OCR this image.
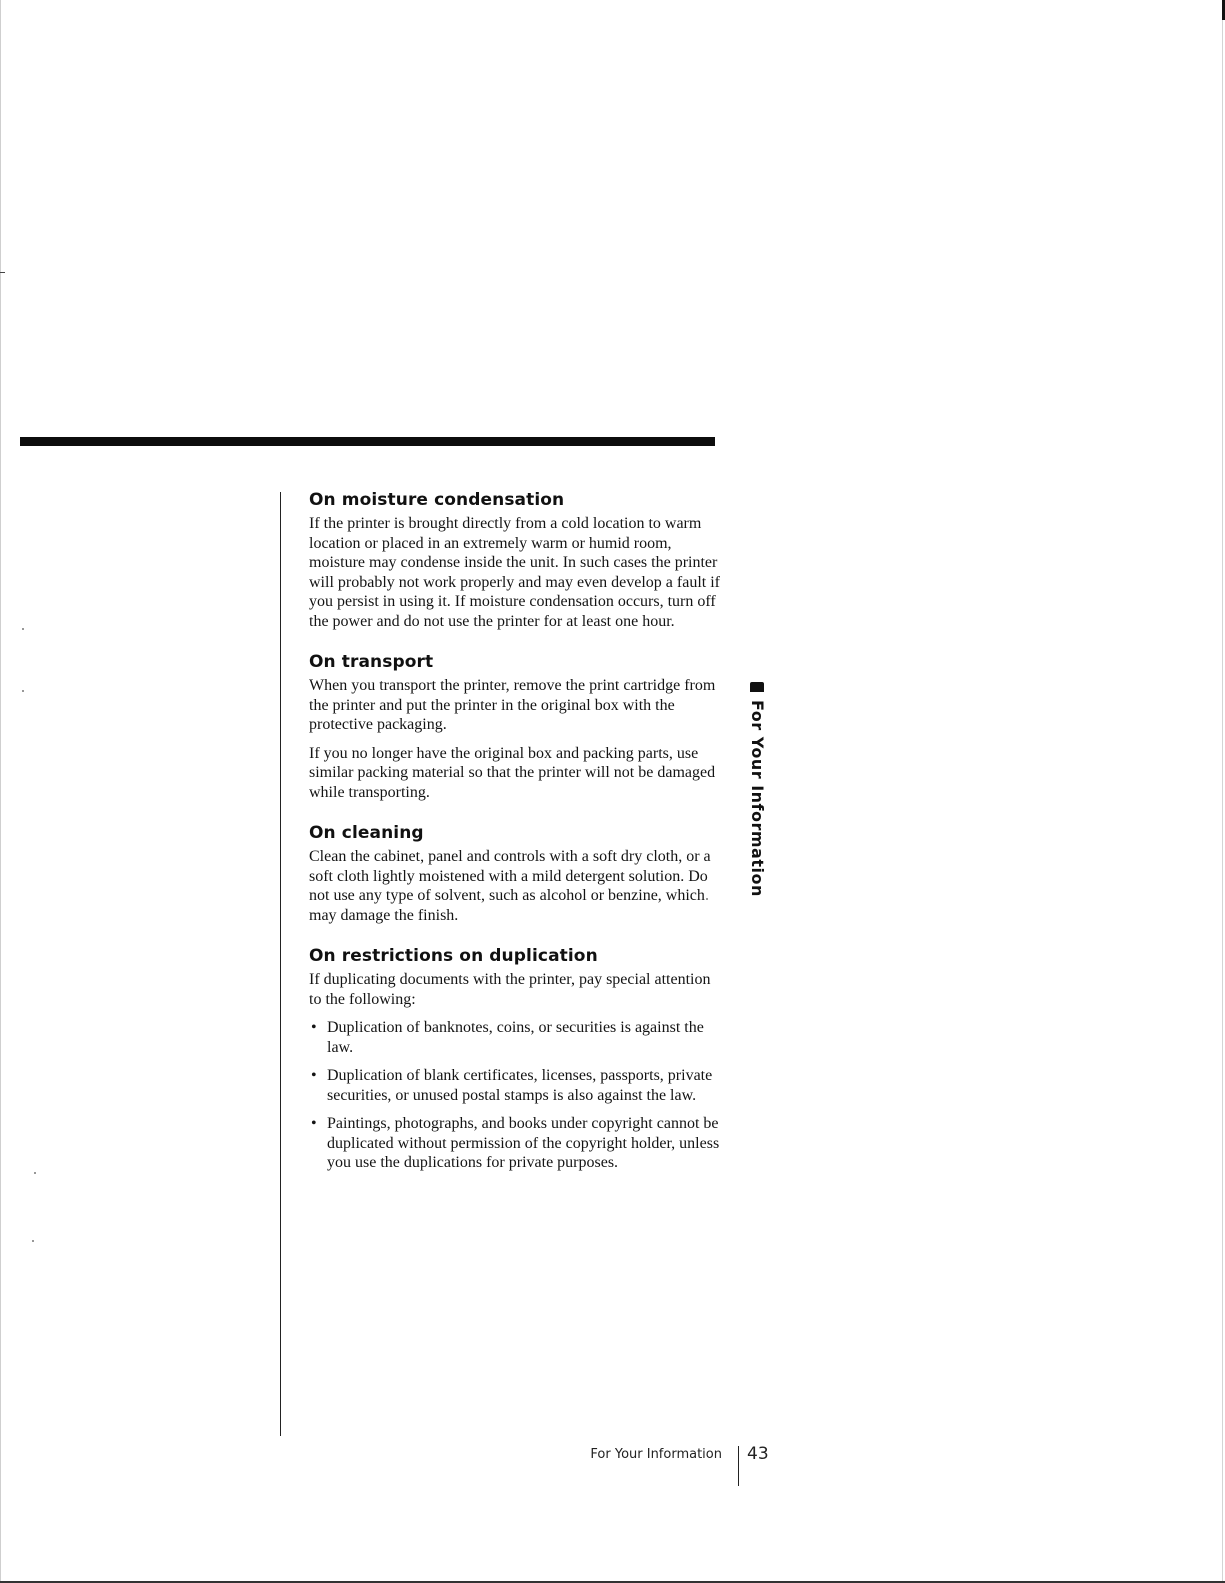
On moisture condensation

If the printer is brought directly from a cold location to warm location or placed in an extremely warm or humid room, moisture may condense inside the unit. In such cases the printer will probably not work properly and may even develop a fault if you persist in using it. If moisture condensation occurs, turn off the power and do not use the printer for at least one hour.

On transport

When you transport the printer, remove the print cartridge from the printer and put the printer in the original box with the protective packaging.

If you no longer have the original box and packing parts, use similar packing material so that the printer will not be damaged while transporting.

On cleaning

Clean the cabinet, panel and controls with a soft dry cloth, or a soft cloth lightly moistened with a mild detergent solution. Do not use any type of solvent, such as alcohol or benzine, which may damage the finish.

On restrictions on duplication

If duplicating documents with the printer, pay special attention to the following:

• Duplication of banknotes, coins, or securities is against the law.
• Duplication of blank certificates, licenses, passports, private securities, or unused postal stamps is also against the law.
• Paintings, photographs, and books under copyright cannot be duplicated without permission of the copyright holder, unless you use the duplications for private purposes.
For Your Information
For Your Information 43
